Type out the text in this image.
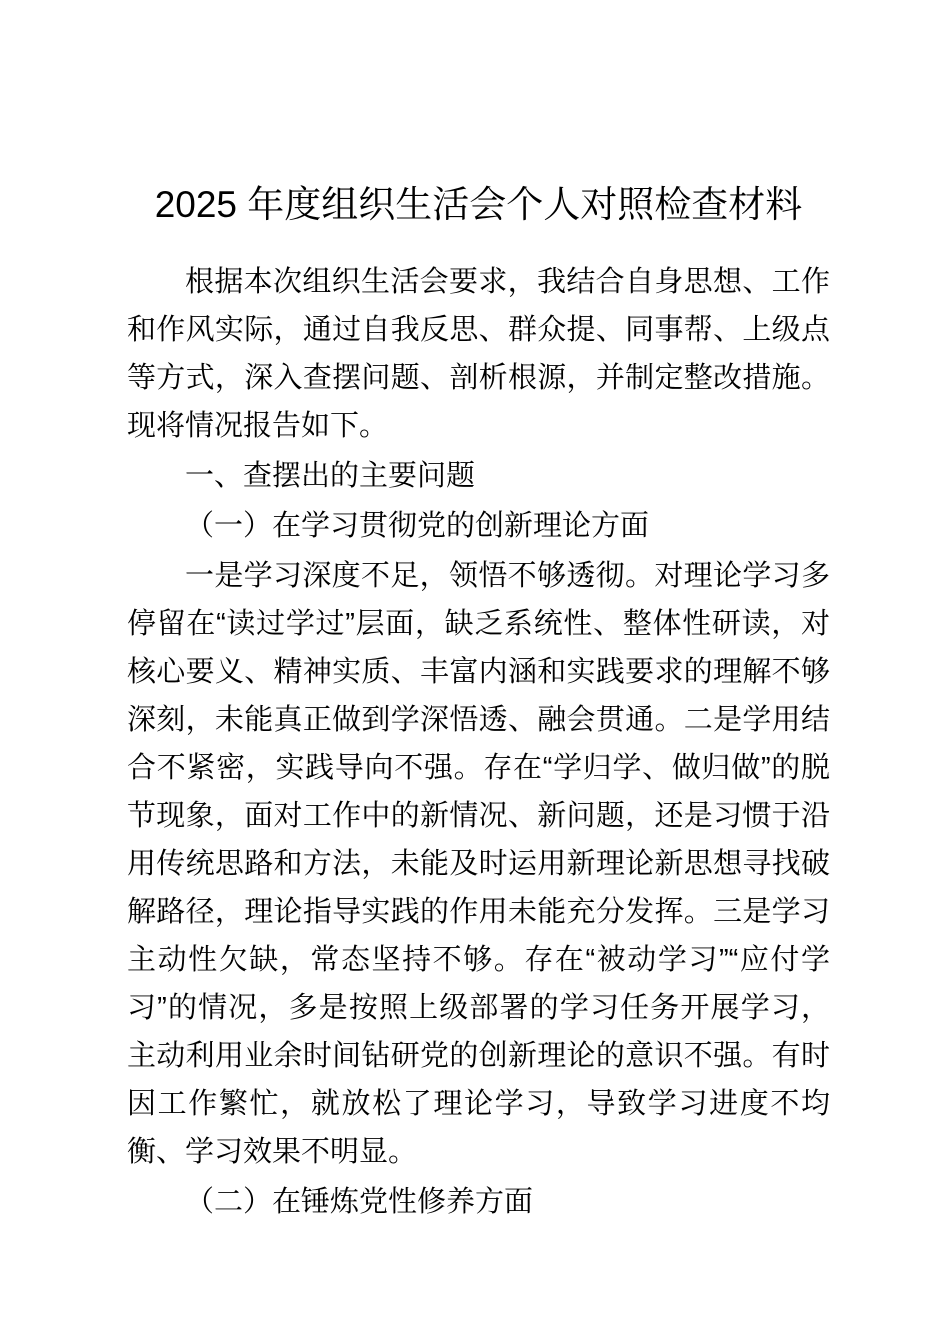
2025 年度组织生活会个人对照检查材料

根据本次组织生活会要求，我结合自身思想、工作和作风实际，通过自我反思、群众提、同事帮、上级点等方式，深入查摆问题、剖析根源，并制定整改措施。现将情况报告如下。

一、查摆出的主要问题

（一）在学习贯彻党的创新理论方面

一是学习深度不足，领悟不够透彻。对理论学习多停留在“读过学过”层面，缺乏系统性、整体性研读，对核心要义、精神实质、丰富内涵和实践要求的理解不够深刻，未能真正做到学深悟透、融会贯通。二是学用结合不紧密，实践导向不强。存在“学归学、做归做”的脱节现象，面对工作中的新情况、新问题，还是习惯于沿用传统思路和方法，未能及时运用新理论新思想寻找破解路径，理论指导实践的作用未能充分发挥。三是学习主动性欠缺，常态坚持不够。存在“被动学习”“应付学习”的情况，多是按照上级部署的学习任务开展学习，主动利用业余时间钻研党的创新理论的意识不强。有时因工作繁忙，就放松了理论学习，导致学习进度不均衡、学习效果不明显。

（二）在锤炼党性修养方面
